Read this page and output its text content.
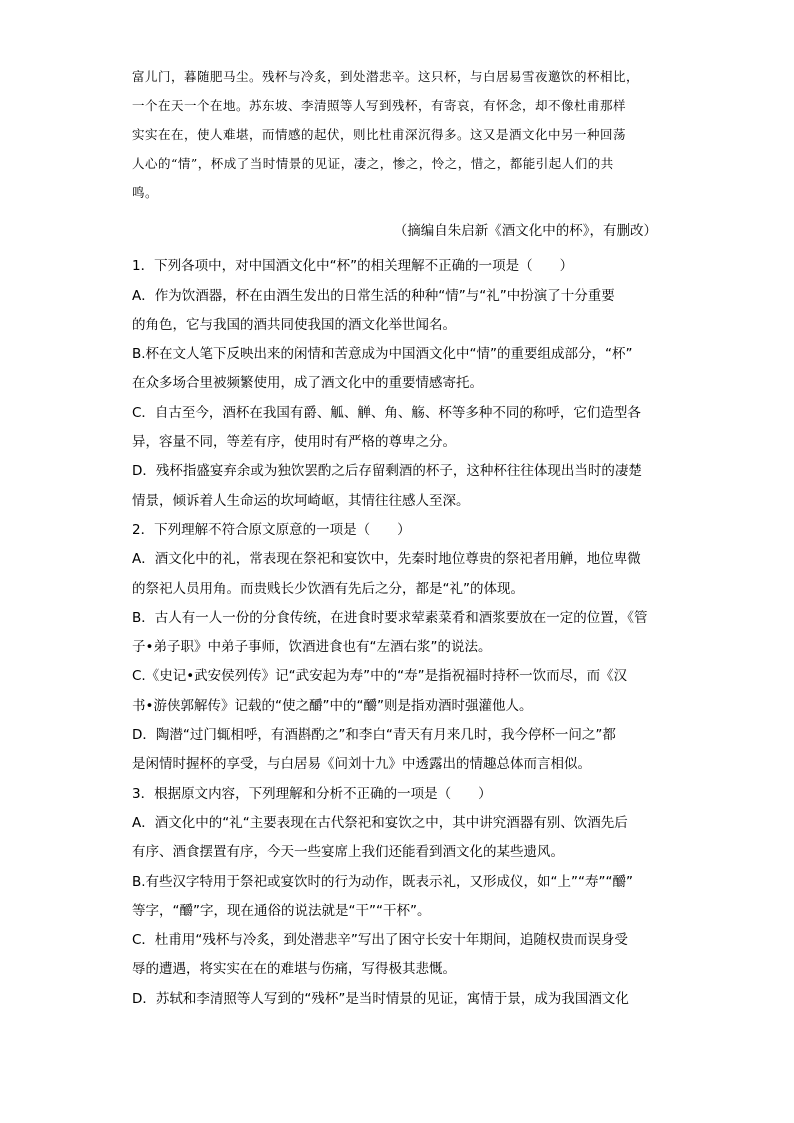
富儿门，暮随肥马尘。残杯与冷炙，到处潜悲辛。这只杯，与白居易雪夜邀饮的杯相比，

一个在天一个在地。苏东坡、李清照等人写到残杯，有寄哀，有怀念，却不像杜甫那样

实实在在，使人难堪，而情感的起伏，则比杜甫深沉得多。这又是酒文化中另一种回荡

人心的“情”，杯成了当时情景的见证，凄之，惨之，怜之，惜之，都能引起人们的共

鸣。

（摘编自朱启新《酒文化中的杯》，有删改）
1．下列各项中，对中国酒文化中“杯”的相关理解不正确的一项是（　　）
A．作为饮酒器，杯在由酒生发出的日常生活的种种“情”与“礼”中扮演了十分重要
的角色，它与我国的酒共同使我国的酒文化举世闻名。
B.杯在文人笔下反映出来的闲情和苦意成为中国酒文化中“情”的重要组成部分，“杯”
在众多场合里被频繁使用，成了酒文化中的重要情感寄托。
C．自古至今，酒杯在我国有爵、觚、觯、角、觞、杯等多种不同的称呼，它们造型各
异，容量不同，等差有序，使用时有严格的尊卑之分。
D．残杯指盛宴弃余或为独饮罢酌之后存留剩酒的杯子，这种杯往往体现出当时的凄楚
情景，倾诉着人生命运的坎坷崎岖，其情往往感人至深。
2．下列理解不符合原文原意的一项是（　　）
A．酒文化中的礼，常表现在祭祀和宴饮中，先秦时地位尊贵的祭祀者用觯，地位卑微
的祭祀人员用角。而贵贱长少饮酒有先后之分，都是“礼”的体现。
B．古人有一人一份的分食传统，在进食时要求荤素菜肴和酒浆要放在一定的位置，《管
子•弟子职》中弟子事师，饮酒进食也有“左酒右浆”的说法。
C.《史记•武安侯列传》记“武安起为寿”中的“寿”是指祝福时持杯一饮而尽，而《汉
书•游侠郭解传》记载的“使之釂”中的“釂”则是指劝酒时强灌他人。
D．陶潜“过门辄相呼，有酒斟酌之”和李白“青天有月来几时，我今停杯一问之”都
是闲情时握杯的享受，与白居易《问刘十九》中透露出的情趣总体而言相似。
3．根据原文内容，下列理解和分析不正确的一项是（　　）
A．酒文化中的“礼“主要表现在古代祭祀和宴饮之中，其中讲究酒器有别、饮酒先后
有序、酒食摆置有序，今天一些宴席上我们还能看到酒文化的某些遗风。
B.有些汉字特用于祭祀或宴饮时的行为动作，既表示礼，又形成仪，如“上”“寿”“釂”
等字，“釂”字，现在通俗的说法就是“干”“干杯”。
C．杜甫用“残杯与冷炙，到处潜悲辛”写出了困守长安十年期间，追随权贵而误身受
辱的遭遇，将实实在在的难堪与伤痛，写得极其悲慨。
D．苏轼和李清照等人写到的“残杯”是当时情景的见证，寓情于景，成为我国酒文化
